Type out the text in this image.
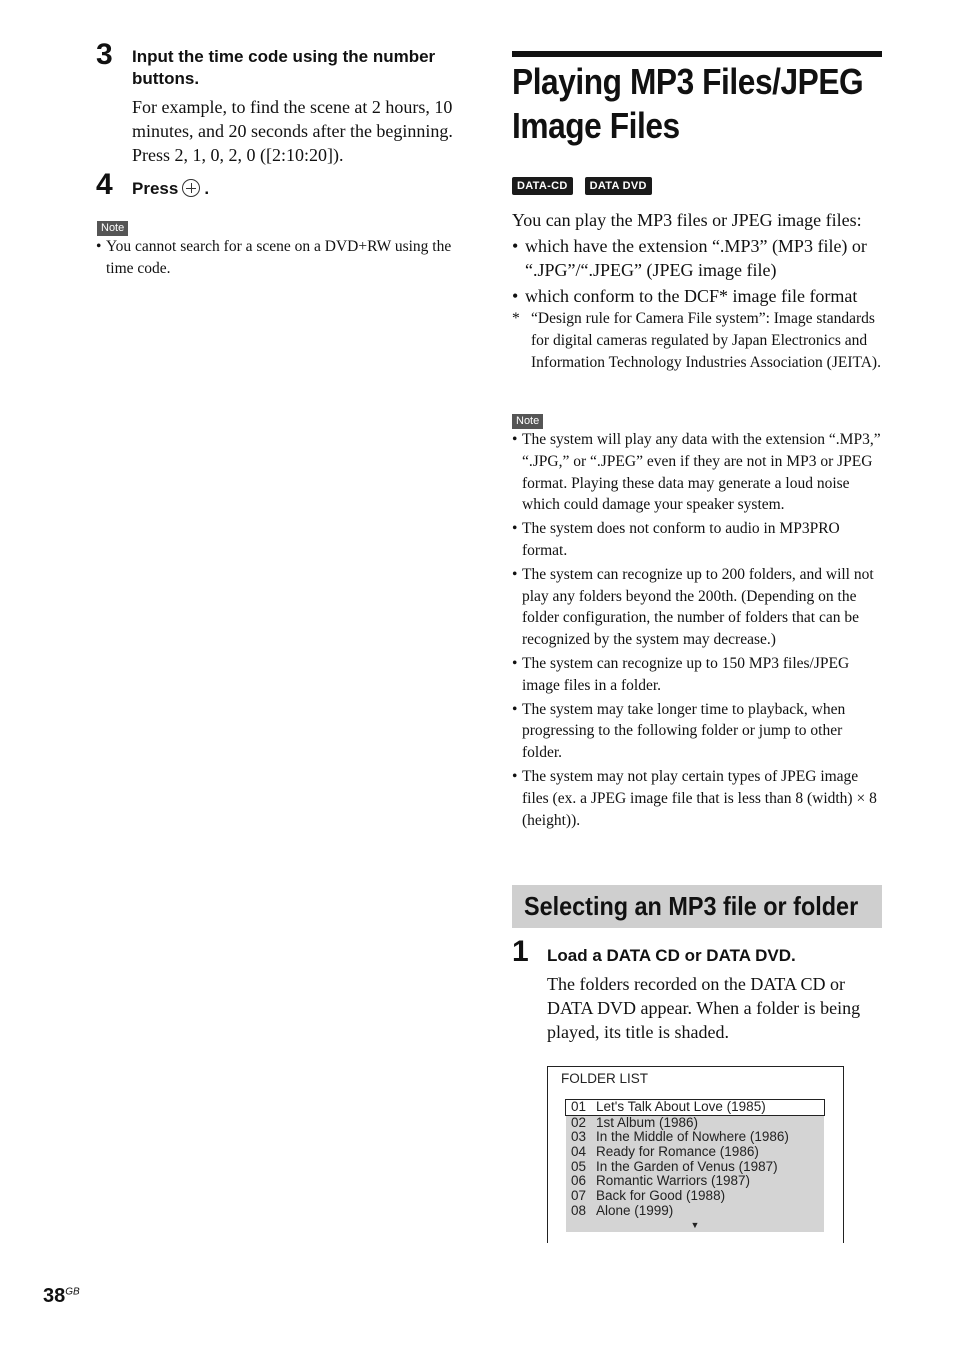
3 Input the time code using the number buttons.
For example, to find the scene at 2 hours, 10 minutes, and 20 seconds after the beginning. Press 2, 1, 0, 2, 0 ([2:10:20]).
4 Press .
Note
• You cannot search for a scene on a DVD+RW using the time code.
Playing MP3 Files/JPEG
Image Files
DATA-CD	DATA DVD
You can play the MP3 files or JPEG image files:
• which have the extension “.MP3” (MP3 file) or “.JPG”/“.JPEG” (JPEG image file)
• which conform to the DCF* image file format
* “Design rule for Camera File system”: Image standards for digital cameras regulated by Japan Electronics and Information Technology Industries Association (JEITA).
Note
• The system will play any data with the extension “.MP3,” “.JPG,” or “.JPEG” even if they are not in MP3 or JPEG format. Playing these data may generate a loud noise which could damage your speaker system.
• The system does not conform to audio in MP3PRO format.
• The system can recognize up to 200 folders, and will not play any folders beyond the 200th. (Depending on the folder configuration, the number of folders that can be recognized by the system may decrease.)
• The system can recognize up to 150 MP3 files/JPEG image files in a folder.
• The system may take longer time to playback, when progressing to the following folder or jump to other folder.
• The system may not play certain types of JPEG image files (ex. a JPEG image file that is less than 8 (width) × 8 (height)).
Selecting an MP3 file or folder
1 Load a DATA CD or DATA DVD.
The folders recorded on the DATA CD or DATA DVD appear. When a folder is being played, its title is shaded.
FOLDER LIST
01 Let's Talk About Love (1985)
02 1st Album (1986)
03 In the Middle of Nowhere (1986)
04 Ready for Romance (1986)
05 In the Garden of Venus (1987)
06 Romantic Warriors (1987)
07 Back for Good (1988)
08 Alone (1999)
▼
$38^{GB}$
